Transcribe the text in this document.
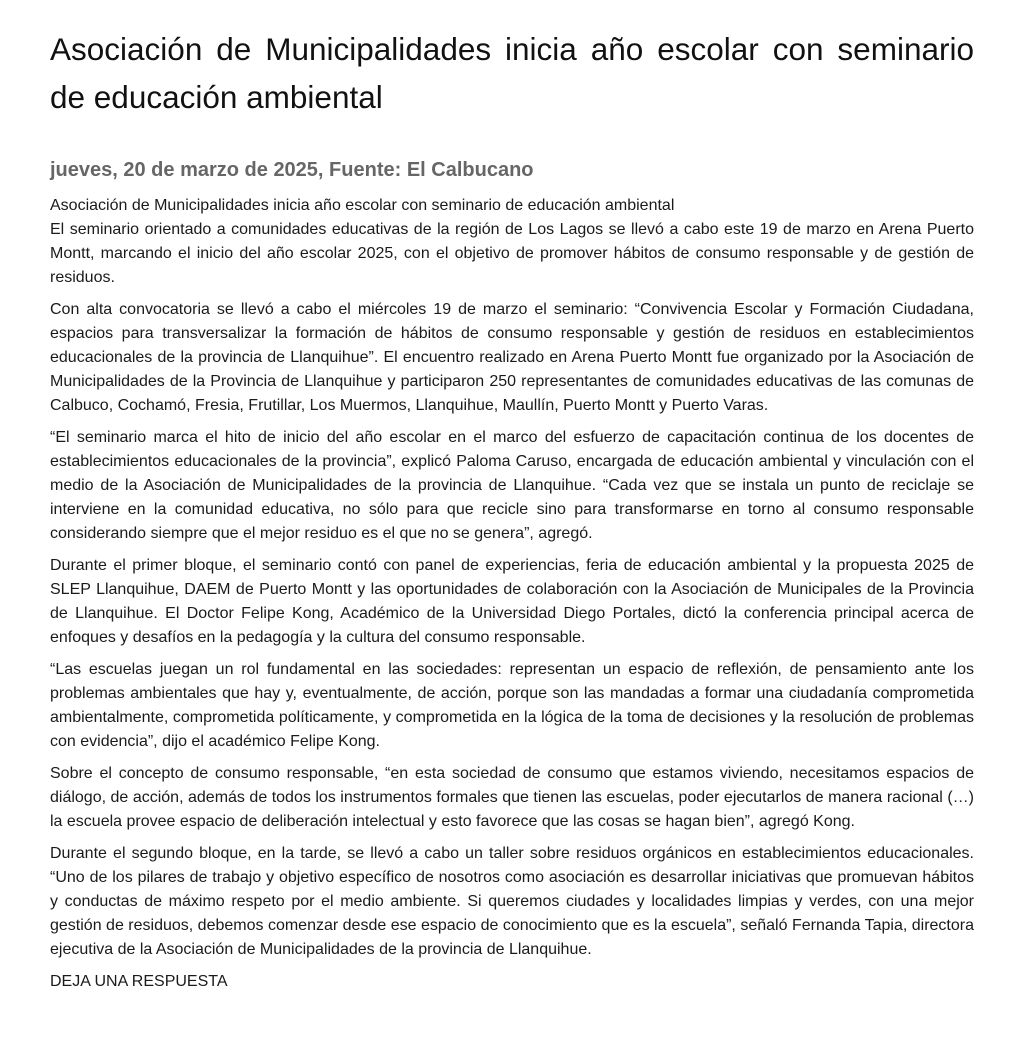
Asociación de Municipalidades inicia año escolar con seminario de educación ambiental
jueves, 20 de marzo de 2025, Fuente: El Calbucano
Asociación de Municipalidades inicia año escolar con seminario de educación ambiental

El seminario orientado a comunidades educativas de la región de Los Lagos se llevó a cabo este 19 de marzo en Arena Puerto Montt, marcando el inicio del año escolar 2025, con el objetivo de promover hábitos de consumo responsable y de gestión de residuos.

Con alta convocatoria se llevó a cabo el miércoles 19 de marzo el seminario: “Convivencia Escolar y Formación Ciudadana, espacios para transversalizar la formación de hábitos de consumo responsable y gestión de residuos en establecimientos educacionales de la provincia de Llanquihue”. El encuentro realizado en Arena Puerto Montt fue organizado por la Asociación de Municipalidades de la Provincia de Llanquihue y participaron 250 representantes de comunidades educativas de las comunas de Calbuco, Cochamó, Fresia, Frutillar, Los Muermos, Llanquihue, Maullín, Puerto Montt y Puerto Varas.

“El seminario marca el hito de inicio del año escolar en el marco del esfuerzo de capacitación continua de los docentes de establecimientos educacionales de la provincia”, explicó Paloma Caruso, encargada de educación ambiental y vinculación con el medio de la Asociación de Municipalidades de la provincia de Llanquihue. “Cada vez que se instala un punto de reciclaje se interviene en la comunidad educativa, no sólo para que recicle sino para transformarse en torno al consumo responsable considerando siempre que el mejor residuo es el que no se genera”, agregó.

Durante el primer bloque, el seminario contó con panel de experiencias, feria de educación ambiental y la propuesta 2025 de SLEP Llanquihue, DAEM de Puerto Montt y las oportunidades de colaboración con la Asociación de Municipales de la Provincia de Llanquihue. El Doctor Felipe Kong, Académico de la Universidad Diego Portales, dictó la conferencia principal acerca de enfoques y desafíos en la pedagogía y la cultura del consumo responsable.

“Las escuelas juegan un rol fundamental en las sociedades: representan un espacio de reflexión, de pensamiento ante los problemas ambientales que hay y, eventualmente, de acción, porque son las mandadas a formar una ciudadanía comprometida ambientalmente, comprometida políticamente, y comprometida en la lógica de la toma de decisiones y la resolución de problemas con evidencia”, dijo el académico Felipe Kong.

Sobre el concepto de consumo responsable, “en esta sociedad de consumo que estamos viviendo, necesitamos espacios de diálogo, de acción, además de todos los instrumentos formales que tienen las escuelas, poder ejecutarlos de manera racional (…) la escuela provee espacio de deliberación intelectual y esto favorece que las cosas se hagan bien”, agregó Kong.

Durante el segundo bloque, en la tarde, se llevó a cabo un taller sobre residuos orgánicos en establecimientos educacionales. “Uno de los pilares de trabajo y objetivo específico de nosotros como asociación es desarrollar iniciativas que promuevan hábitos y conductas de máximo respeto por el medio ambiente. Si queremos ciudades y localidades limpias y verdes, con una mejor gestión de residuos, debemos comenzar desde ese espacio de conocimiento que es la escuela”, señaló Fernanda Tapia, directora ejecutiva de la Asociación de Municipalidades de la provincia de Llanquihue.

DEJA UNA RESPUESTA
